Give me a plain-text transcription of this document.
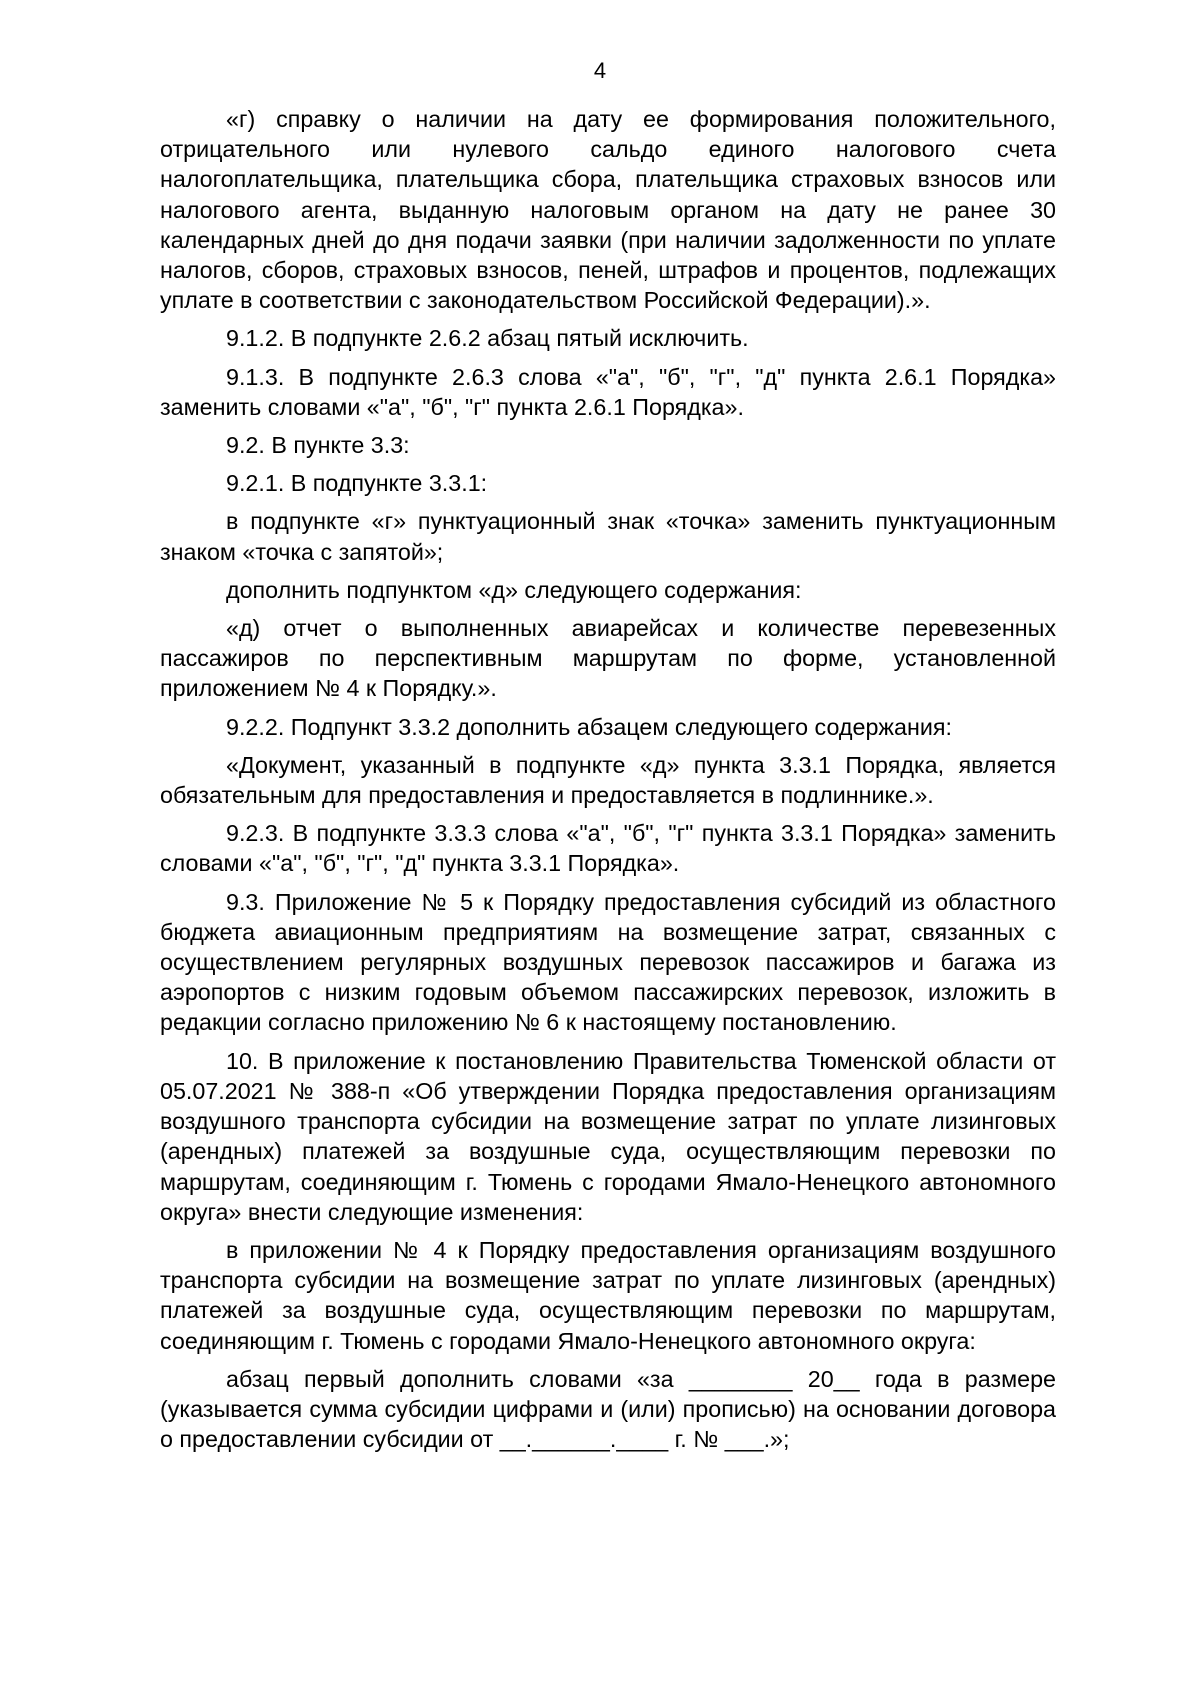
4

«г) справку о наличии на дату ее формирования положительного, отрицательного или нулевого сальдо единого налогового счета налогоплательщика, плательщика сбора, плательщика страховых взносов или налогового агента, выданную налоговым органом на дату не ранее 30 календарных дней до дня подачи заявки (при наличии задолженности по уплате налогов, сборов, страховых взносов, пеней, штрафов и процентов, подлежащих уплате в соответствии с законодательством Российской Федерации).».

9.1.2. В подпункте 2.6.2 абзац пятый исключить.

9.1.3. В подпункте 2.6.3 слова «"а", "б", "г", "д" пункта 2.6.1 Порядка» заменить словами «"а", "б", "г" пункта 2.6.1 Порядка».

9.2. В пункте 3.3:

9.2.1. В подпункте 3.3.1:

в подпункте «г» пунктуационный знак «точка» заменить пунктуационным знаком «точка с запятой»;

дополнить подпунктом «д» следующего содержания:

«д) отчет о выполненных авиарейсах и количестве перевезенных пассажиров по перспективным маршрутам по форме, установленной приложением № 4 к Порядку.».

9.2.2. Подпункт 3.3.2 дополнить абзацем следующего содержания:

«Документ, указанный в подпункте «д» пункта 3.3.1 Порядка, является обязательным для предоставления и предоставляется в подлиннике.».

9.2.3. В подпункте 3.3.3 слова «"а", "б", "г" пункта 3.3.1 Порядка» заменить словами «"а", "б", "г", "д" пункта 3.3.1 Порядка».

9.3. Приложение № 5 к Порядку предоставления субсидий из областного бюджета авиационным предприятиям на возмещение затрат, связанных с осуществлением регулярных воздушных перевозок пассажиров и багажа из аэропортов с низким годовым объемом пассажирских перевозок, изложить в редакции согласно приложению № 6 к настоящему постановлению.

10. В приложение к постановлению Правительства Тюменской области от 05.07.2021 № 388-п «Об утверждении Порядка предоставления организациям воздушного транспорта субсидии на возмещение затрат по уплате лизинговых (арендных) платежей за воздушные суда, осуществляющим перевозки по маршрутам, соединяющим г. Тюмень с городами Ямало-Ненецкого автономного округа» внести следующие изменения:

в приложении № 4 к Порядку предоставления организациям воздушного транспорта субсидии на возмещение затрат по уплате лизинговых (арендных) платежей за воздушные суда, осуществляющим перевозки по маршрутам, соединяющим г. Тюмень с городами Ямало-Ненецкого автономного округа:

абзац первый дополнить словами «за ________ 20__ года в размере (указывается сумма субсидии цифрами и (или) прописью) на основании договора о предоставлении субсидии от __.______.____ г. № ___.»;
